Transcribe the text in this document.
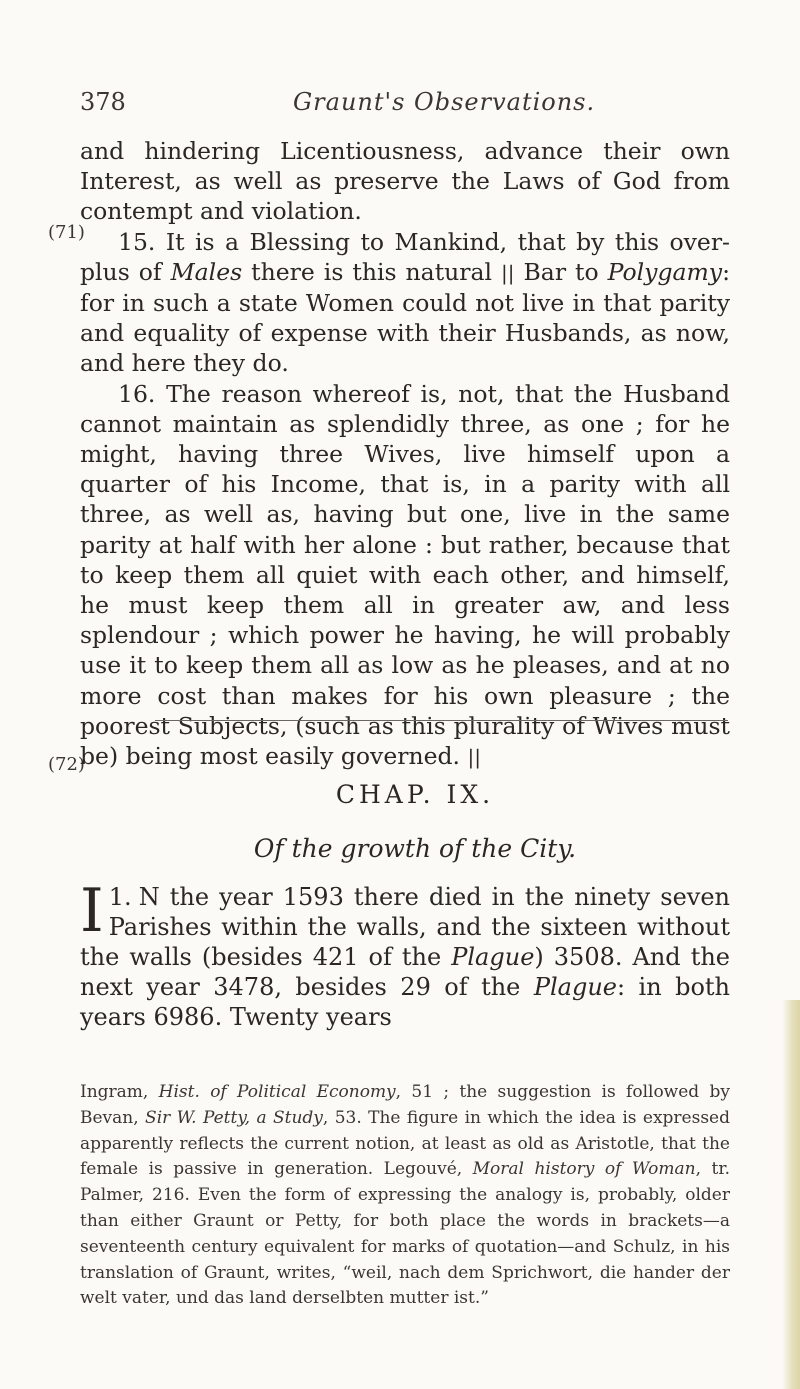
378	Graunt's Observations.
(71)
(72)

and hindering Licentiousness, advance their own Interest, as well as preserve the Laws of God from contempt and violation.

15. It is a Blessing to Mankind, that by this over-plus of Males there is this natural || Bar to Polygamy: for in such a state Women could not live in that parity and equality of expense with their Husbands, as now, and here they do.

16. The reason whereof is, not, that the Husband cannot maintain as splendidly three, as one ; for he might, having three Wives, live himself upon a quarter of his Income, that is, in a parity with all three, as well as, having but one, live in the same parity at half with her alone : but rather, because that to keep them all quiet with each other, and himself, he must keep them all in greater aw, and less splendour ; which power he having, he will probably use it to keep them all as low as he pleases, and at no more cost than makes for his own pleasure ; the poorest Subjects, (such as this plurality of Wives must be) being most easily governed. ||

CHAP. IX.
Of the growth of the City.

1.
I N the year 1593 there died in the ninety seven Parishes within the walls, and the sixteen without the walls (besides 421 of the Plague) 3508. And the next year 3478, besides 29 of the Plague: in both years 6986. Twenty years

Ingram, Hist. of Political Economy, 51 ; the suggestion is followed by Bevan, Sir W. Petty, a Study, 53. The figure in which the idea is expressed apparently reflects the current notion, at least as old as Aristotle, that the female is passive in generation. Legouvé, Moral history of Woman, tr. Palmer, 216. Even the form of expressing the analogy is, probably, older than either Graunt or Petty, for both place the words in brackets—a seventeenth century equivalent for marks of quotation—and Schulz, in his translation of Graunt, writes, “weil, nach dem Sprichwort, die hander der welt vater, und das land derselbten mutter ist.”
